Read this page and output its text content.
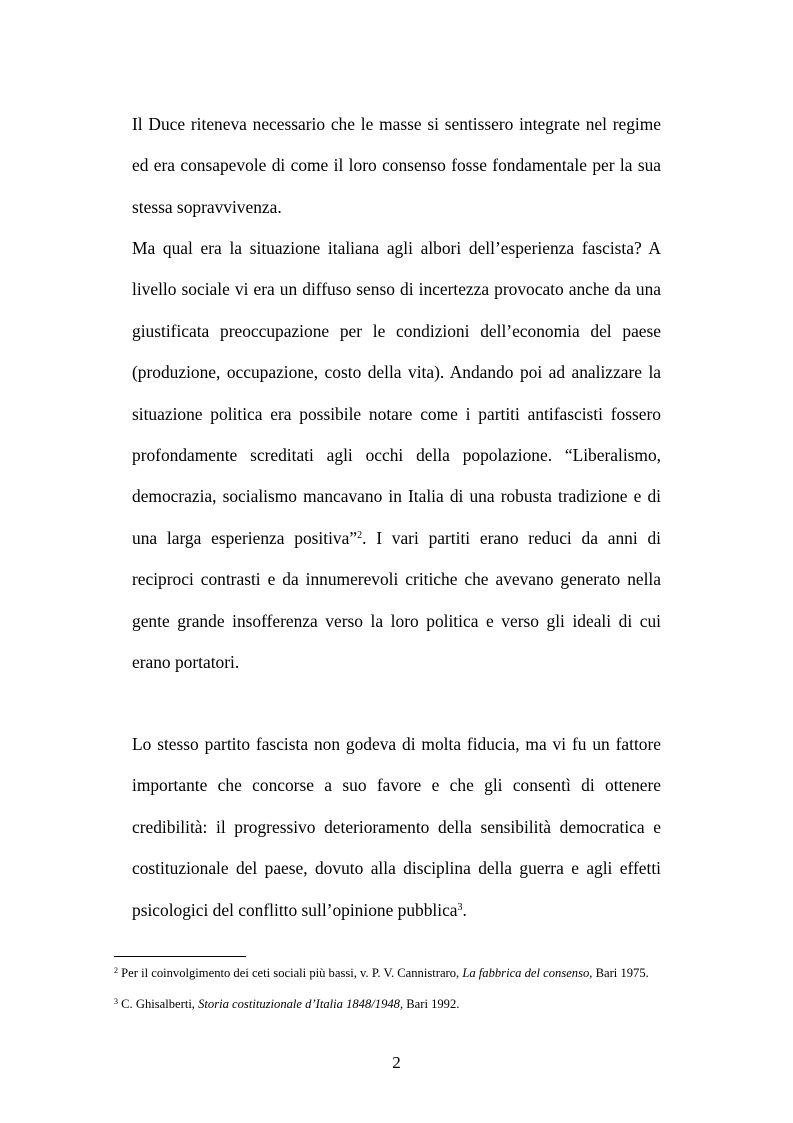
Il Duce riteneva necessario che le masse si sentissero integrate nel regime ed era consapevole di come il loro consenso fosse fondamentale per la sua stessa sopravvivenza.

Ma qual era la situazione italiana agli albori dell’esperienza fascista? A livello sociale vi era un diffuso senso di incertezza provocato anche da una giustificata preoccupazione per le condizioni dell’economia del paese (produzione, occupazione, costo della vita). Andando poi ad analizzare la situazione politica era possibile notare come i partiti antifascisti fossero profondamente screditati agli occhi della popolazione. “Liberalismo, democrazia, socialismo mancavano in Italia di una robusta tradizione e di una larga esperienza positiva”$^2$. I vari partiti erano reduci da anni di reciproci contrasti e da innumerevoli critiche che avevano generato nella gente grande insofferenza verso la loro politica e verso gli ideali di cui erano portatori.

Lo stesso partito fascista non godeva di molta fiducia, ma vi fu un fattore importante che concorse a suo favore e che gli consentì di ottenere credibilità: il progressivo deterioramento della sensibilità democratica e costituzionale del paese, dovuto alla disciplina della guerra e agli effetti psicologici del conflitto sull’opinione pubblica$^3$.

$^2$ Per il coinvolgimento dei ceti sociali più bassi, v. P. V. Cannistraro, La fabbrica del consenso, Bari 1975.
$^3$ C. Ghisalberti, Storia costituzionale d’Italia 1848/1948, Bari 1992.
2
